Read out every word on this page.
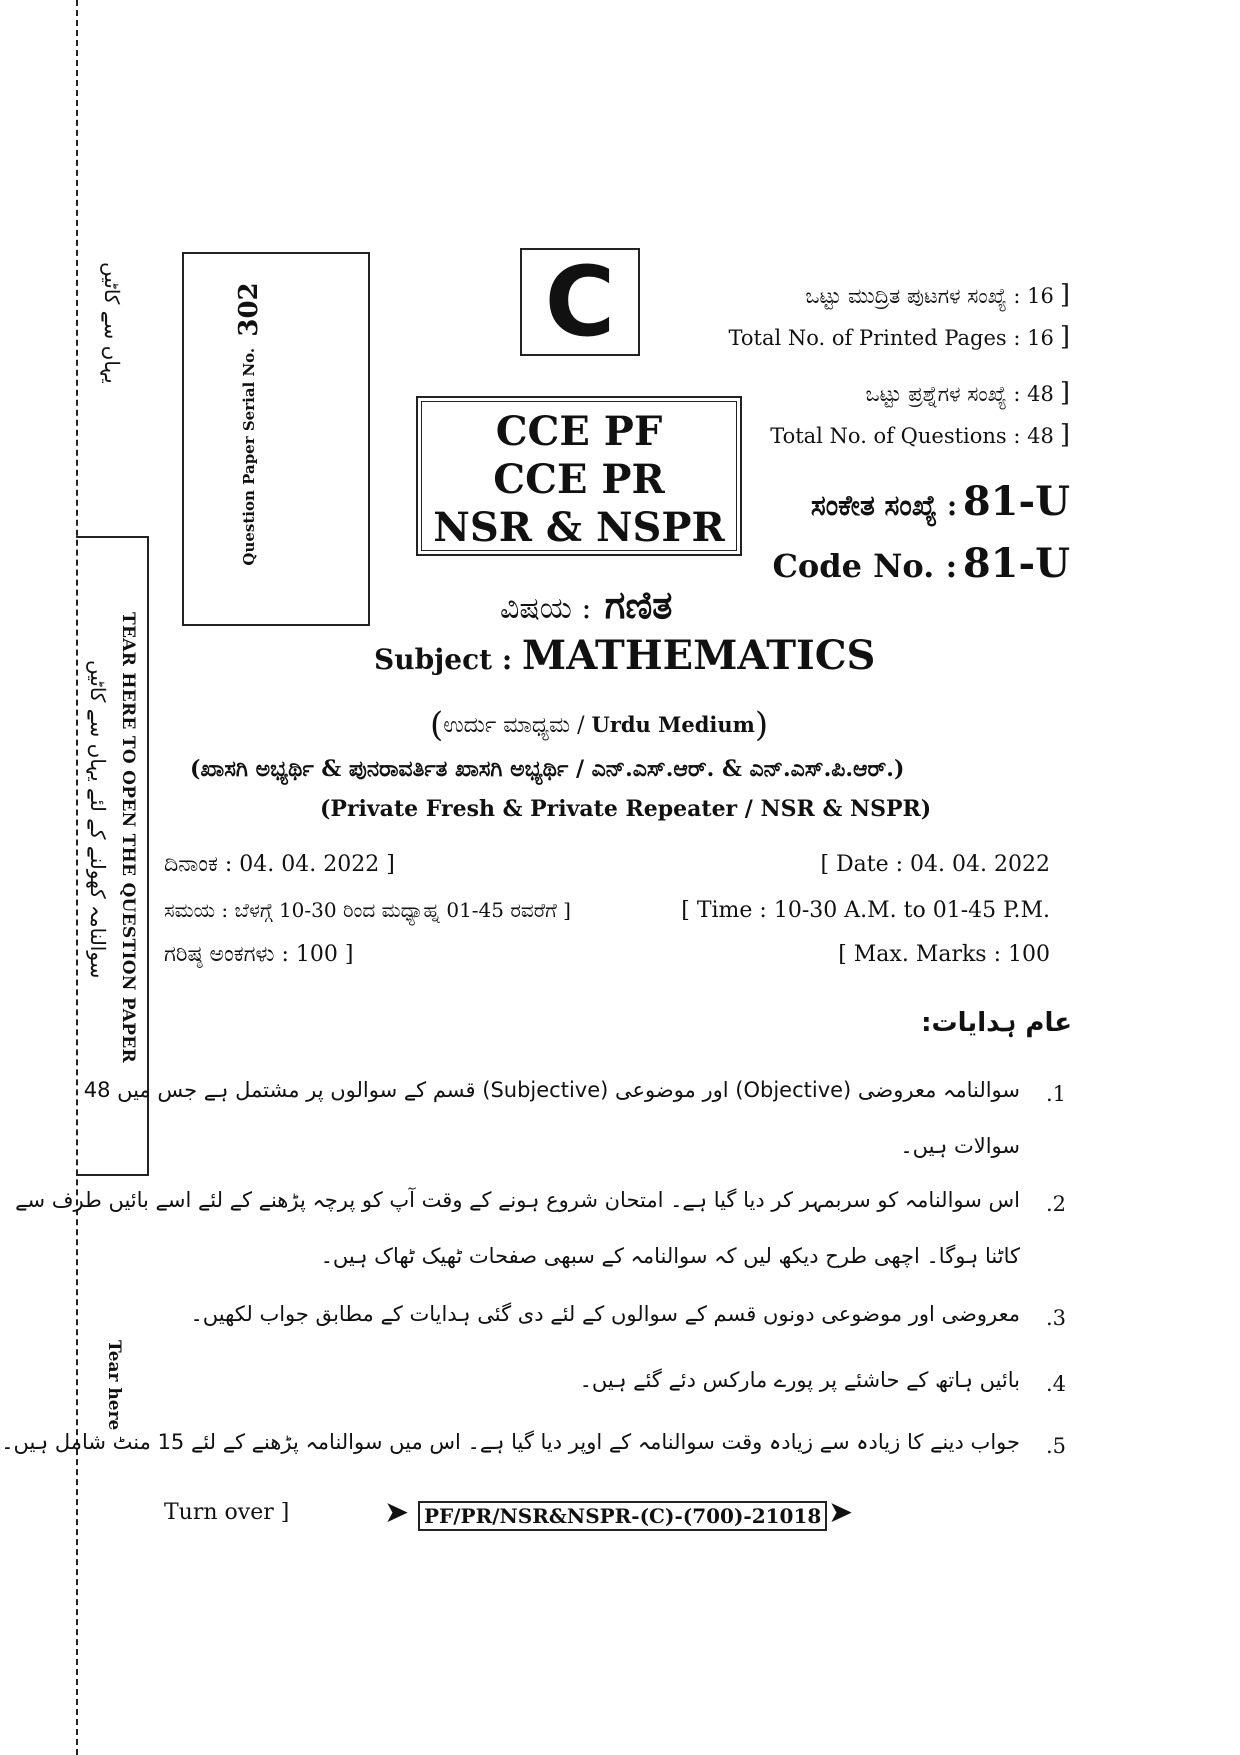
یہاں سے کاٹیں
TEAR HERE TO OPEN THE QUESTION PAPER
سوالنامہ کھولنے کے لئے یہاں سے کاٹیں
Tear here
Question Paper Serial No. 302	C
CCE PF
CCE PR
NSR & NSPR
ಒಟ್ಟು ಮುದ್ರಿತ ಪುಟಗಳ ಸಂಖ್ಯೆ : 16 ]
Total No. of Printed Pages : 16 ]
ಒಟ್ಟು ಪ್ರಶ್ನೆಗಳ ಸಂಖ್ಯೆ : 48 ]
Total No. of Questions : 48 ]
ಸಂಕೇತ ಸಂಖ್ಯೆ : 81-U
Code No. : 81-U
ವಿಷಯ : ಗಣಿತ
Subject : MATHEMATICS
(ಉರ್ದು ಮಾಧ್ಯಮ / Urdu Medium)
(ಖಾಸಗಿ ಅಭ್ಯರ್ಥಿ & ಪುನರಾವರ್ತಿತ ಖಾಸಗಿ ಅಭ್ಯರ್ಥಿ / ಎನ್.ಎಸ್.ಆರ್. & ಎನ್.ಎಸ್.ಪಿ.ಆರ್.)
(Private Fresh & Private Repeater / NSR & NSPR)
ದಿನಾಂಕ : 04. 04. 2022 ]	[ Date : 04. 04. 2022
ಸಮಯ : ಬೆಳಗ್ಗೆ 10-30 ರಿಂದ ಮಧ್ಯಾಹ್ನ 01-45 ರವರೆಗೆ ]	[ Time : 10-30 A.M. to 01-45 P.M.
ಗರಿಷ್ಠ ಅಂಕಗಳು : 100 ]	[ Max. Marks : 100
عام ہدایات:
.1
سوالنامہ معروضی (Objective) اور موضوعی (Subjective) قسم کے سوالوں پر مشتمل ہے جس میں 48
سوالات ہیں۔
.2
اس سوالنامہ کو سربمہر کر دیا گیا ہے۔ امتحان شروع ہونے کے وقت آپ کو پرچہ پڑھنے کے لئے اسے بائیں طرف سے
کاٹنا ہوگا۔ اچھی طرح دیکھ لیں کہ سوالنامہ کے سبھی صفحات ٹھیک ٹھاک ہیں۔
.3
معروضی اور موضوعی دونوں قسم کے سوالوں کے لئے دی گئی ہدایات کے مطابق جواب لکھیں۔
.4
بائیں ہاتھ کے حاشئے پر پورے مارکس دئے گئے ہیں۔
.5
جواب دینے کا زیادہ سے زیادہ وقت سوالنامہ کے اوپر دیا گیا ہے۔ اس میں سوالنامہ پڑھنے کے لئے 15 منٹ شامل ہیں۔
Turn over ]	➤ PF/PR/NSR&NSPR-(C)-(700)-21018 ➤
